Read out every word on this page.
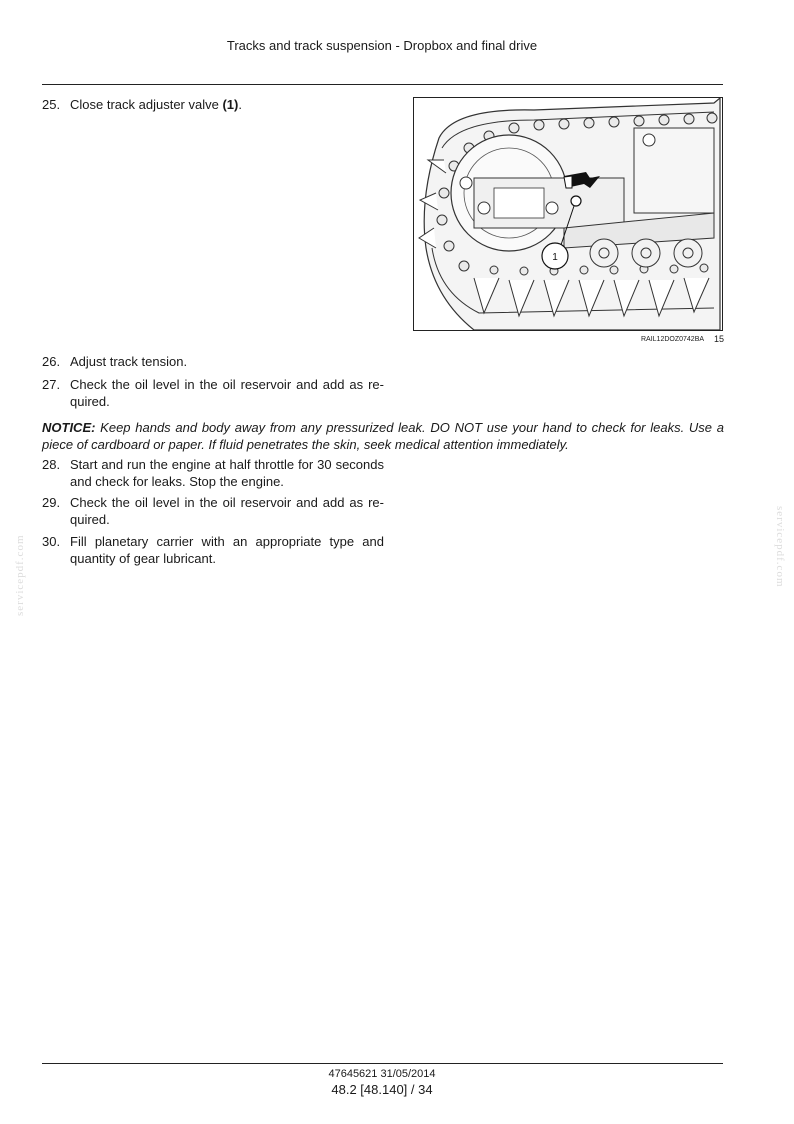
Tracks and track suspension - Dropbox and final drive
25. Close track adjuster valve (1).
1
RAIL12DOZ0742BA 15
26. Adjust track tension.
27. Check the oil level in the oil reservoir and add as re-quired.
NOTICE: Keep hands and body away from any pressurized leak. DO NOT use your hand to check for leaks. Use a piece of cardboard or paper. If fluid penetrates the skin, seek medical attention immediately.
28. Start and run the engine at half throttle for 30 seconds and check for leaks. Stop the engine.
29. Check the oil level in the oil reservoir and add as re-quired.
30. Fill planetary carrier with an appropriate type and quantity of gear lubricant.
servicepdf.com	servicepdf.com
47645621 31/05/2014
48.2 [48.140] / 34
